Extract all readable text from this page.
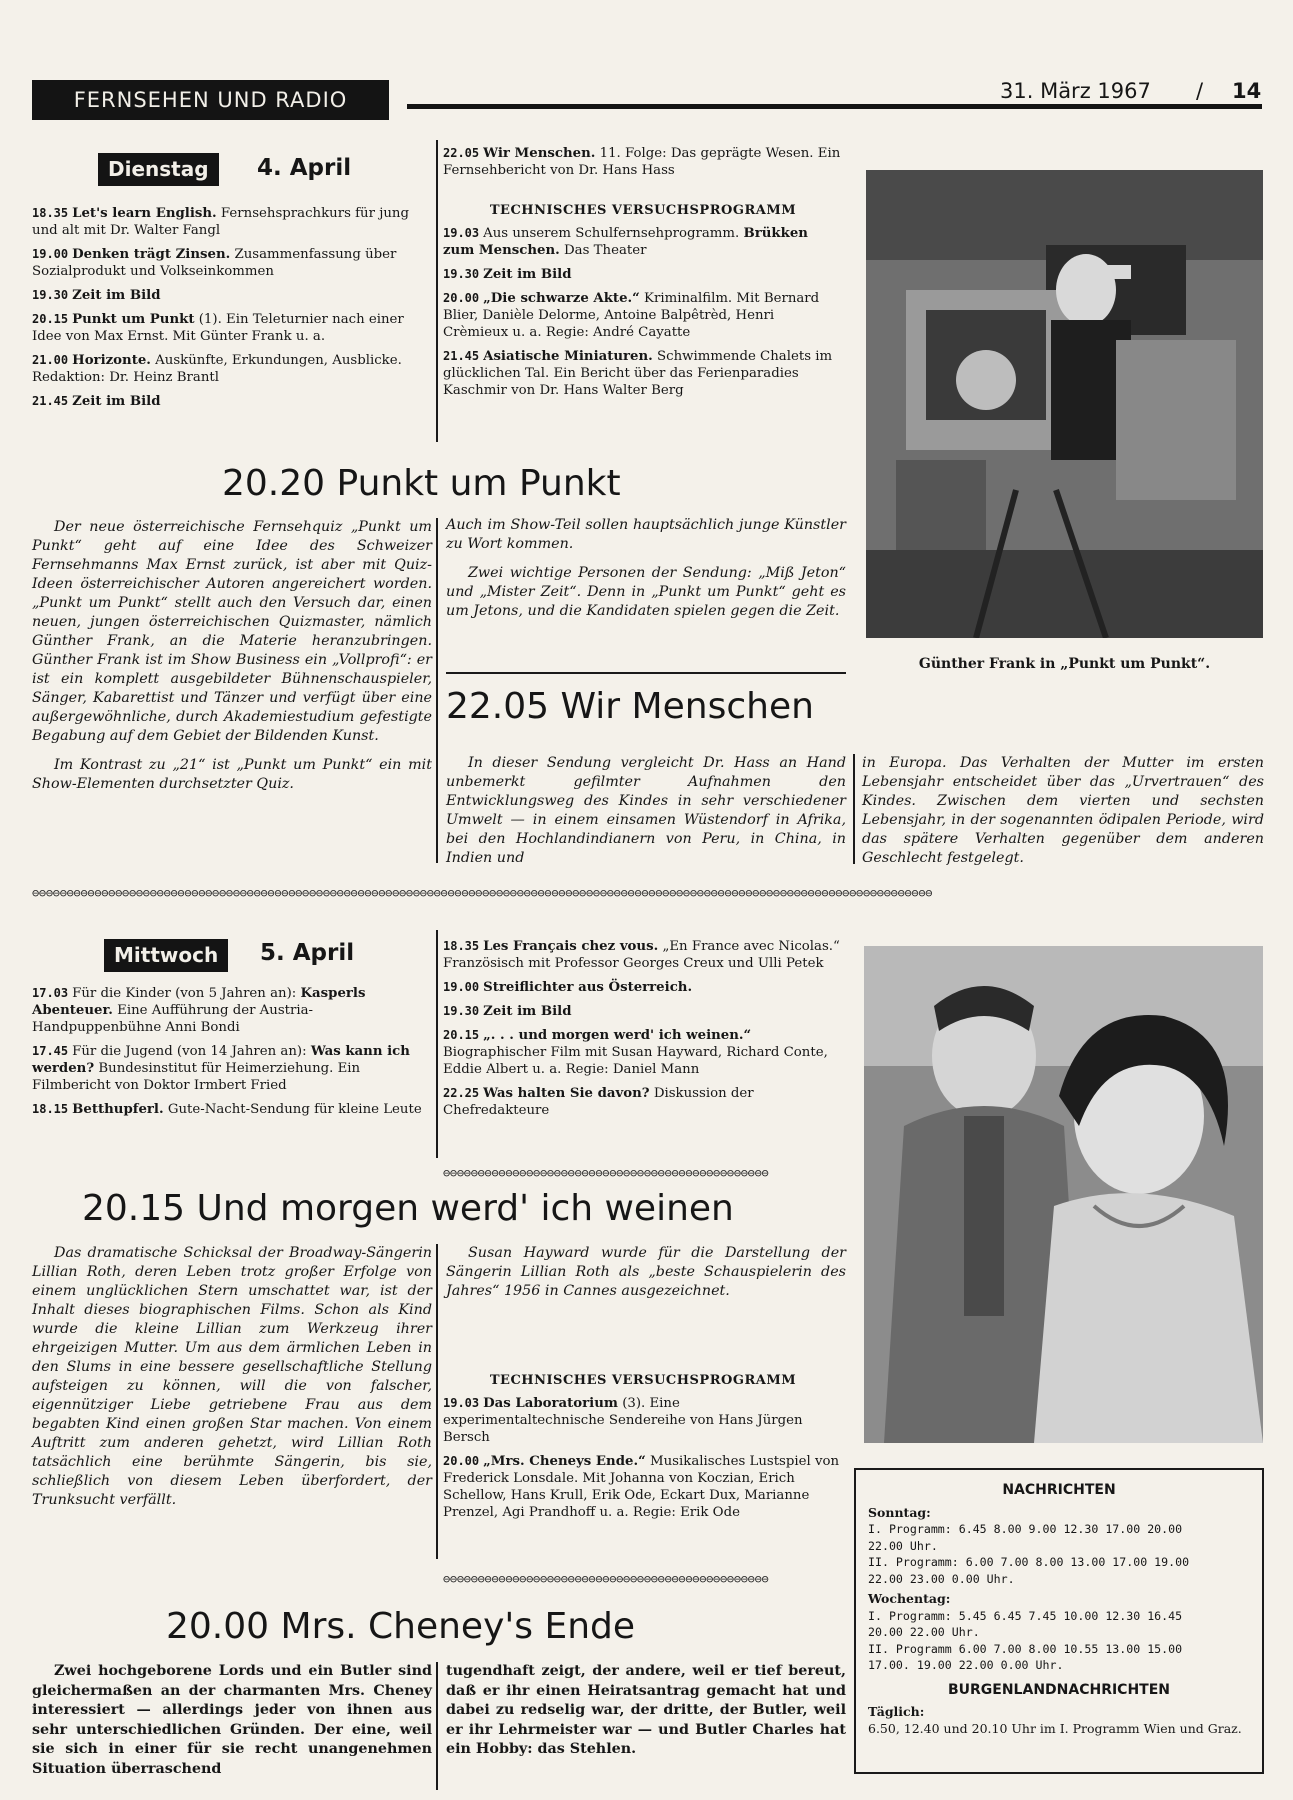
FERNSEHEN UND RADIO	31. März 1967 / 14
Dienstag	4. April
18.35 Let's learn English. Fernsehsprachkurs für jung und alt mit Dr. Walter Fangl
19.00 Denken trägt Zinsen. Zusammenfassung über Sozialprodukt und Volkseinkommen
19.30 Zeit im Bild
20.15 Punkt um Punkt (1). Ein Teleturnier nach einer Idee von Max Ernst. Mit Günter Frank u. a.
21.00 Horizonte. Auskünfte, Erkundungen, Ausblicke. Redaktion: Dr. Heinz Brantl
21.45 Zeit im Bild
22.05 Wir Menschen. 11. Folge: Das geprägte Wesen. Ein Fernsehbericht von Dr. Hans Hass
TECHNISCHES VERSUCHSPROGRAMM
19.03 Aus unserem Schulfernsehprogramm. Brükken zum Menschen. Das Theater
19.30 Zeit im Bild
20.00 „Die schwarze Akte.“ Kriminalfilm. Mit Bernard Blier, Danièle Delorme, Antoine Balpêtrèd, Henri Crèmieux u. a. Regie: André Cayatte
21.45 Asiatische Miniaturen. Schwimmende Chalets im glücklichen Tal. Ein Bericht über das Ferienparadies Kaschmir von Dr. Hans Walter Berg
Günther Frank in „Punkt um Punkt“.
20.20 Punkt um Punkt

Der neue österreichische Fernsehquiz „Punkt um Punkt“ geht auf eine Idee des Schweizer Fernsehmanns Max Ernst zurück, ist aber mit Quiz-Ideen österreichischer Autoren angereichert worden. „Punkt um Punkt“ stellt auch den Versuch dar, einen neuen, jungen österreichischen Quizmaster, nämlich Günther Frank, an die Materie heranzubringen. Günther Frank ist im Show Business ein „Vollprofi“: er ist ein komplett ausgebildeter Bühnenschauspieler, Sänger, Kabarettist und Tänzer und verfügt über eine außergewöhnliche, durch Akademiestudium gefestigte Begabung auf dem Gebiet der Bildenden Kunst.

Im Kontrast zu „21“ ist „Punkt um Punkt“ ein mit Show-Elementen durchsetzter Quiz.

Auch im Show-Teil sollen hauptsächlich junge Künstler zu Wort kommen.

Zwei wichtige Personen der Sendung: „Miß Jeton“ und „Mister Zeit“. Denn in „Punkt um Punkt“ geht es um Jetons, und die Kandidaten spielen gegen die Zeit.

22.05 Wir Menschen

In dieser Sendung vergleicht Dr. Hass an Hand unbemerkt gefilmter Aufnahmen den Entwicklungsweg des Kindes in sehr verschiedener Umwelt — in einem einsamen Wüstendorf in Afrika, bei den Hochlandindianern von Peru, in China, in Indien und

in Europa. Das Verhalten der Mutter im ersten Lebensjahr entscheidet über das „Urvertrauen“ des Kindes. Zwischen dem vierten und sechsten Lebensjahr, in der sogenannten ödipalen Periode, wird das spätere Verhalten gegenüber dem anderen Geschlecht festgelegt.

⊖⊖⊖⊖⊖⊖⊖⊖⊖⊖⊖⊖⊖⊖⊖⊖⊖⊖⊖⊖⊖⊖⊖⊖⊖⊖⊖⊖⊖⊖⊖⊖⊖⊖⊖⊖⊖⊖⊖⊖⊖⊖⊖⊖⊖⊖⊖⊖⊖⊖⊖⊖⊖⊖⊖⊖⊖⊖⊖⊖⊖⊖⊖⊖⊖⊖⊖⊖⊖⊖⊖⊖⊖⊖⊖⊖⊖⊖⊖⊖⊖⊖⊖⊖⊖⊖⊖⊖⊖⊖⊖⊖⊖⊖⊖⊖⊖⊖⊖⊖⊖⊖⊖⊖⊖⊖⊖⊖⊖⊖⊖⊖⊖⊖⊖⊖⊖⊖⊖⊖⊖⊖⊖⊖⊖⊖⊖⊖⊖⊖
Mittwoch	5. April
17.03 Für die Kinder (von 5 Jahren an): Kasperls Abenteuer. Eine Aufführung der Austria-Handpuppenbühne Anni Bondi
17.45 Für die Jugend (von 14 Jahren an): Was kann ich werden? Bundesinstitut für Heimerziehung. Ein Filmbericht von Doktor Irmbert Fried
18.15 Betthupferl. Gute-Nacht-Sendung für kleine Leute
18.35 Les Français chez vous. „En France avec Nicolas.“ Französisch mit Professor Georges Creux und Ulli Petek
19.00 Streiflichter aus Österreich.
19.30 Zeit im Bild
20.15 „. . . und morgen werd' ich weinen.“ Biographischer Film mit Susan Hayward, Richard Conte, Eddie Albert u. a. Regie: Daniel Mann
22.25 Was halten Sie davon? Diskussion der Chefredakteure
⊖⊖⊖⊖⊖⊖⊖⊖⊖⊖⊖⊖⊖⊖⊖⊖⊖⊖⊖⊖⊖⊖⊖⊖⊖⊖⊖⊖⊖⊖⊖⊖⊖⊖⊖⊖⊖⊖⊖⊖⊖⊖⊖⊖⊖⊖⊖
20.15 Und morgen werd' ich weinen

Das dramatische Schicksal der Broadway-Sängerin Lillian Roth, deren Leben trotz großer Erfolge von einem unglücklichen Stern umschattet war, ist der Inhalt dieses biographischen Films. Schon als Kind wurde die kleine Lillian zum Werkzeug ihrer ehrgeizigen Mutter. Um aus dem ärmlichen Leben in den Slums in eine bessere gesellschaftliche Stellung aufsteigen zu können, will die von falscher, eigennütziger Liebe getriebene Frau aus dem begabten Kind einen großen Star machen. Von einem Auftritt zum anderen gehetzt, wird Lillian Roth tatsächlich eine berühmte Sängerin, bis sie, schließlich von diesem Leben überfordert, der Trunksucht verfällt.

Susan Hayward wurde für die Darstellung der Sängerin Lillian Roth als „beste Schauspielerin des Jahres“ 1956 in Cannes ausgezeichnet.

TECHNISCHES VERSUCHSPROGRAMM
19.03 Das Laboratorium (3). Eine experimentaltechnische Sendereihe von Hans Jürgen Bersch
20.00 „Mrs. Cheneys Ende.“ Musikalisches Lustspiel von Frederick Lonsdale. Mit Johanna von Koczian, Erich Schellow, Hans Krull, Erik Ode, Eckart Dux, Marianne Prenzel, Agi Prandhoff u. a. Regie: Erik Ode
⊖⊖⊖⊖⊖⊖⊖⊖⊖⊖⊖⊖⊖⊖⊖⊖⊖⊖⊖⊖⊖⊖⊖⊖⊖⊖⊖⊖⊖⊖⊖⊖⊖⊖⊖⊖⊖⊖⊖⊖⊖⊖⊖⊖⊖⊖⊖
20.00 Mrs. Cheney's Ende

Zwei hochgeborene Lords und ein Butler sind gleichermaßen an der charmanten Mrs. Cheney interessiert — allerdings jeder von ihnen aus sehr unterschiedlichen Gründen. Der eine, weil sie sich in einer für sie recht unangenehmen Situation überraschend

tugendhaft zeigt, der andere, weil er tief bereut, daß er ihr einen Heiratsantrag gemacht hat und dabei zu redselig war, der dritte, der Butler, weil er ihr Lehrmeister war — und Butler Charles hat ein Hobby: das Stehlen.

NACHRICHTEN
Sonntag:
I. Programm: 6.45 8.00 9.00 12.30 17.00 20.00
22.00 Uhr.
II. Programm: 6.00 7.00 8.00 13.00 17.00 19.00
22.00 23.00 0.00 Uhr.
Wochentag:
I. Programm: 5.45 6.45 7.45 10.00 12.30 16.45
20.00 22.00 Uhr.
II. Programm 6.00 7.00 8.00 10.55 13.00 15.00
17.00. 19.00 22.00 0.00 Uhr.
BURGENLANDNACHRICHTEN
Täglich:
6.50, 12.40 und 20.10 Uhr im I. Programm Wien und Graz.
